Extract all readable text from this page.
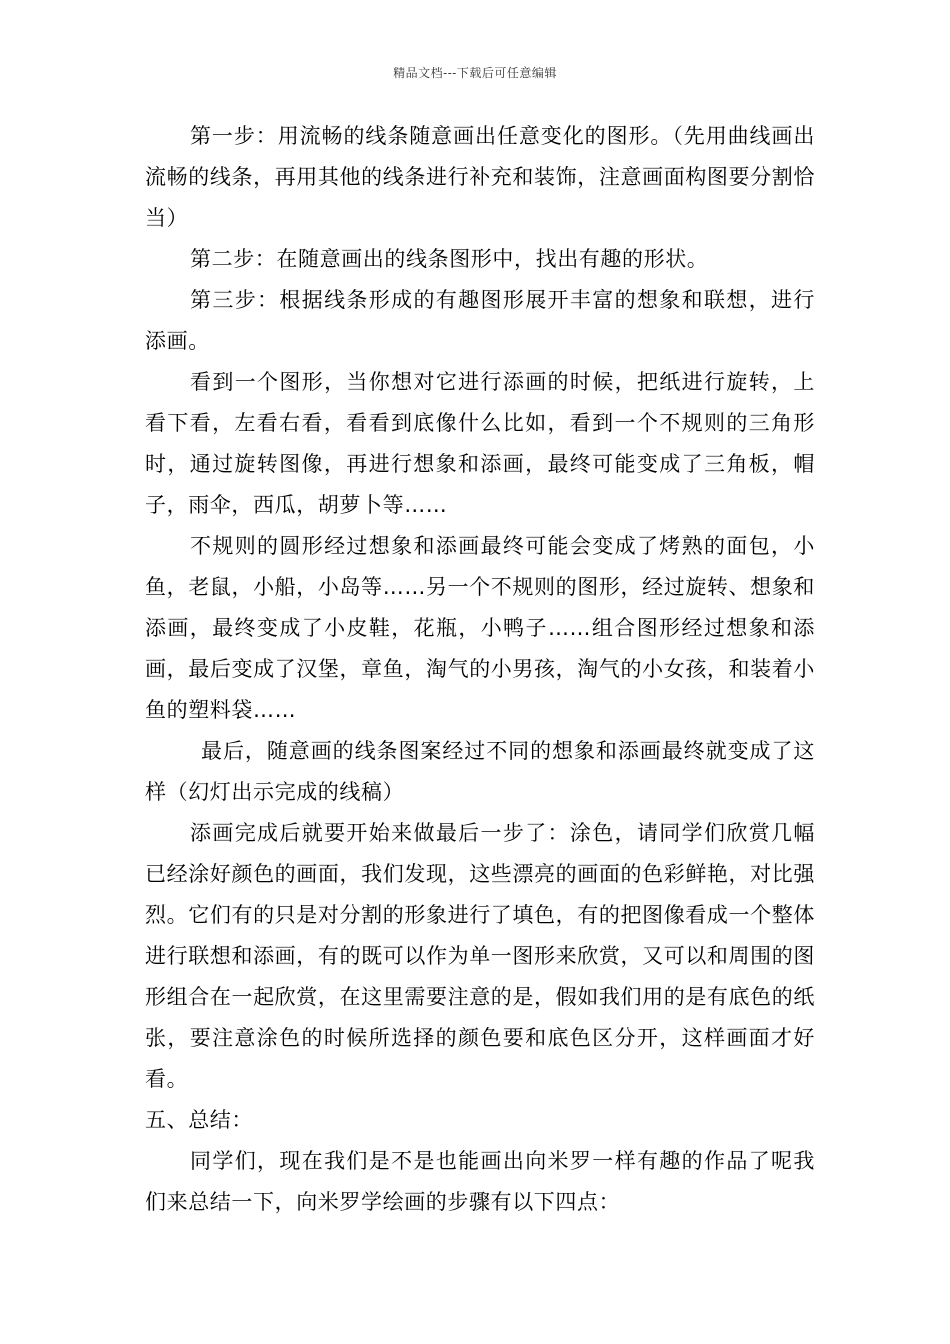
精品文档---下载后可任意编辑

第一步：用流畅的线条随意画出任意变化的图形。（先用曲线画出流畅的线条，再用其他的线条进行补充和装饰，注意画面构图要分割恰当）

第二步：在随意画出的线条图形中，找出有趣的形状。

第三步：根据线条形成的有趣图形展开丰富的想象和联想，进行添画。

看到一个图形，当你想对它进行添画的时候，把纸进行旋转，上看下看，左看右看，看看到底像什么比如，看到一个不规则的三角形时，通过旋转图像，再进行想象和添画，最终可能变成了三角板，帽子，雨伞，西瓜，胡萝卜等……

不规则的圆形经过想象和添画最终可能会变成了烤熟的面包，小鱼，老鼠，小船，小岛等……另一个不规则的图形，经过旋转、想象和添画，最终变成了小皮鞋，花瓶，小鸭子……组合图形经过想象和添画，最后变成了汉堡，章鱼，淘气的小男孩，淘气的小女孩，和装着小鱼的塑料袋……

最后，随意画的线条图案经过不同的想象和添画最终就变成了这样（幻灯出示完成的线稿）

添画完成后就要开始来做最后一步了：涂色，请同学们欣赏几幅已经涂好颜色的画面，我们发现，这些漂亮的画面的色彩鲜艳，对比强烈。它们有的只是对分割的形象进行了填色，有的把图像看成一个整体进行联想和添画，有的既可以作为单一图形来欣赏，又可以和周围的图形组合在一起欣赏，在这里需要注意的是，假如我们用的是有底色的纸张，要注意涂色的时候所选择的颜色要和底色区分开，这样画面才好看。

五、总结：

同学们，现在我们是不是也能画出向米罗一样有趣的作品了呢我们来总结一下，向米罗学绘画的步骤有以下四点：
